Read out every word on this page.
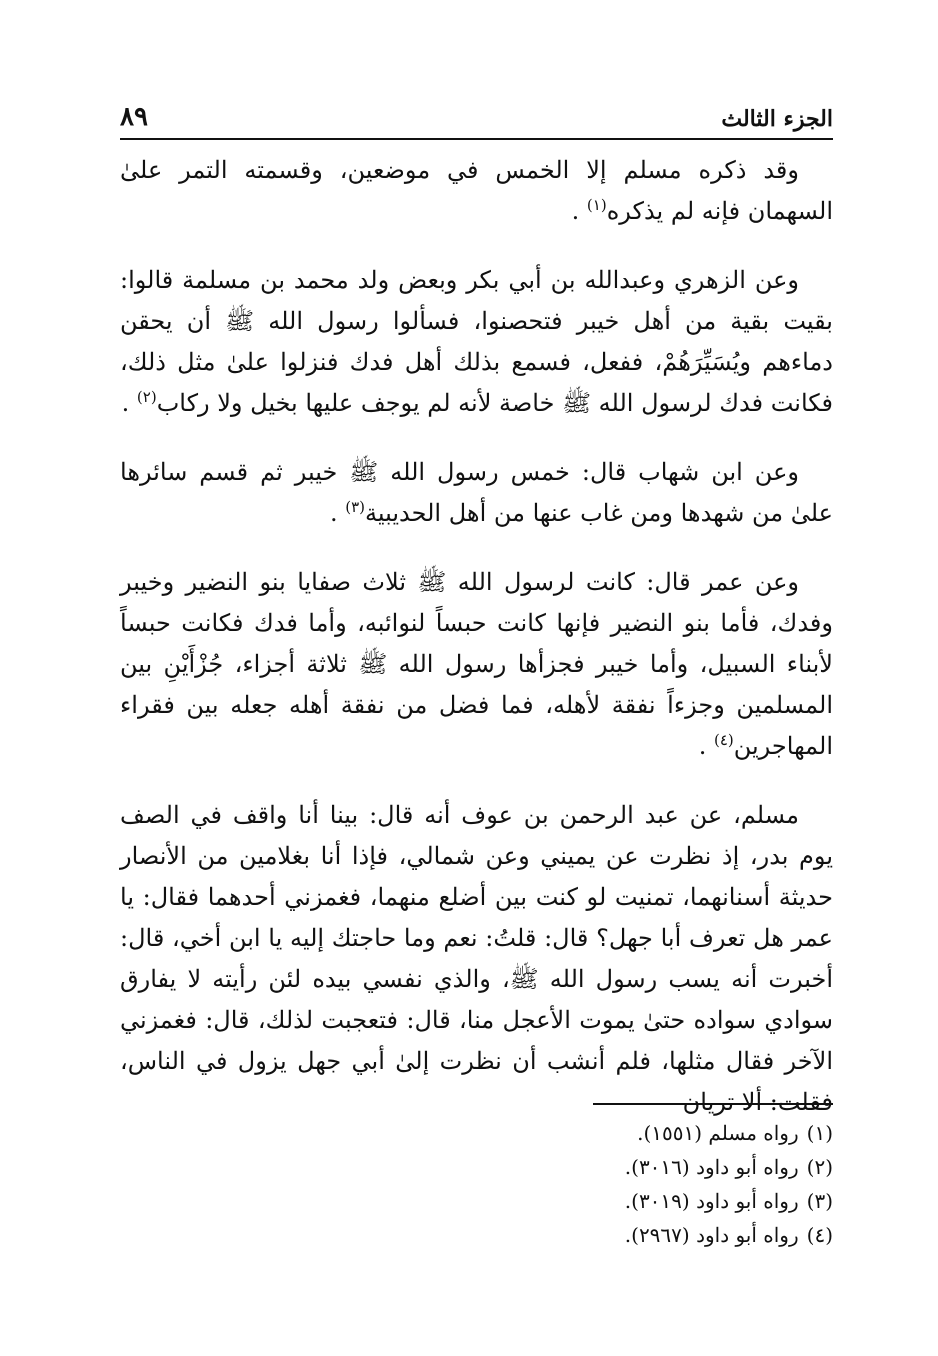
الجزء الثالث
٨٩

وقد ذكره مسلم إلا الخمس في موضعين، وقسمته التمر علىٰ السهمان فإنه لم يذكره$^{(١)}$ .

وعن الزهري وعبدالله بن أبي بكر وبعض ولد محمد بن مسلمة قالوا: بقيت بقية من أهل خيبر فتحصنوا، فسألوا رسول الله ﷺ أن يحقن دماءهم ويُسَيِّرَهُمْ، ففعل، فسمع بذلك أهل فدك فنزلوا علىٰ مثل ذلك، فكانت فدك لرسول الله ﷺ خاصة لأنه لم يوجف عليها بخيل ولا ركاب$^{(٢)}$ .

وعن ابن شهاب قال: خمس رسول الله ﷺ خيبر ثم قسم سائرها علىٰ من شهدها ومن غاب عنها من أهل الحديبية$^{(٣)}$ .

وعن عمر قال: كانت لرسول الله ﷺ ثلاث صفايا بنو النضير وخيبر وفدك، فأما بنو النضير فإنها كانت حبساً لنوائبه، وأما فدك فكانت حبساً لأبناء السبيل، وأما خيبر فجزأها رسول الله ﷺ ثلاثة أجزاء، جُزْأَيْنِ بين المسلمين وجزءاً نفقة لأهله، فما فضل من نفقة أهله جعله بين فقراء المهاجرين$^{(٤)}$ .

مسلم، عن عبد الرحمن بن عوف أنه قال: بينا أنا واقف في الصف يوم بدر، إذ نظرت عن يميني وعن شمالي، فإذا أنا بغلامين من الأنصار حديثة أسنانهما، تمنيت لو كنت بين أضلع منهما، فغمزني أحدهما فقال: يا عمر هل تعرف أبا جهل؟ قال: قلتُ: نعم وما حاجتك إليه يا ابن أخي، قال: أخبرت أنه يسب رسول الله ﷺ، والذي نفسي بيده لئن رأيته لا يفارق سوادي سواده حتىٰ يموت الأعجل منا، قال: فتعجبت لذلك، قال: فغمزني الآخر فقال مثلها، فلم أنشب أن نظرت إلىٰ أبي جهل يزول في الناس، فقلت: ألا تريان

(١)رواه مسلم (١٥٥١).

(٢)رواه أبو داود (٣٠١٦).

(٣)رواه أبو داود (٣٠١٩).

(٤)رواه أبو داود (٢٩٦٧).
